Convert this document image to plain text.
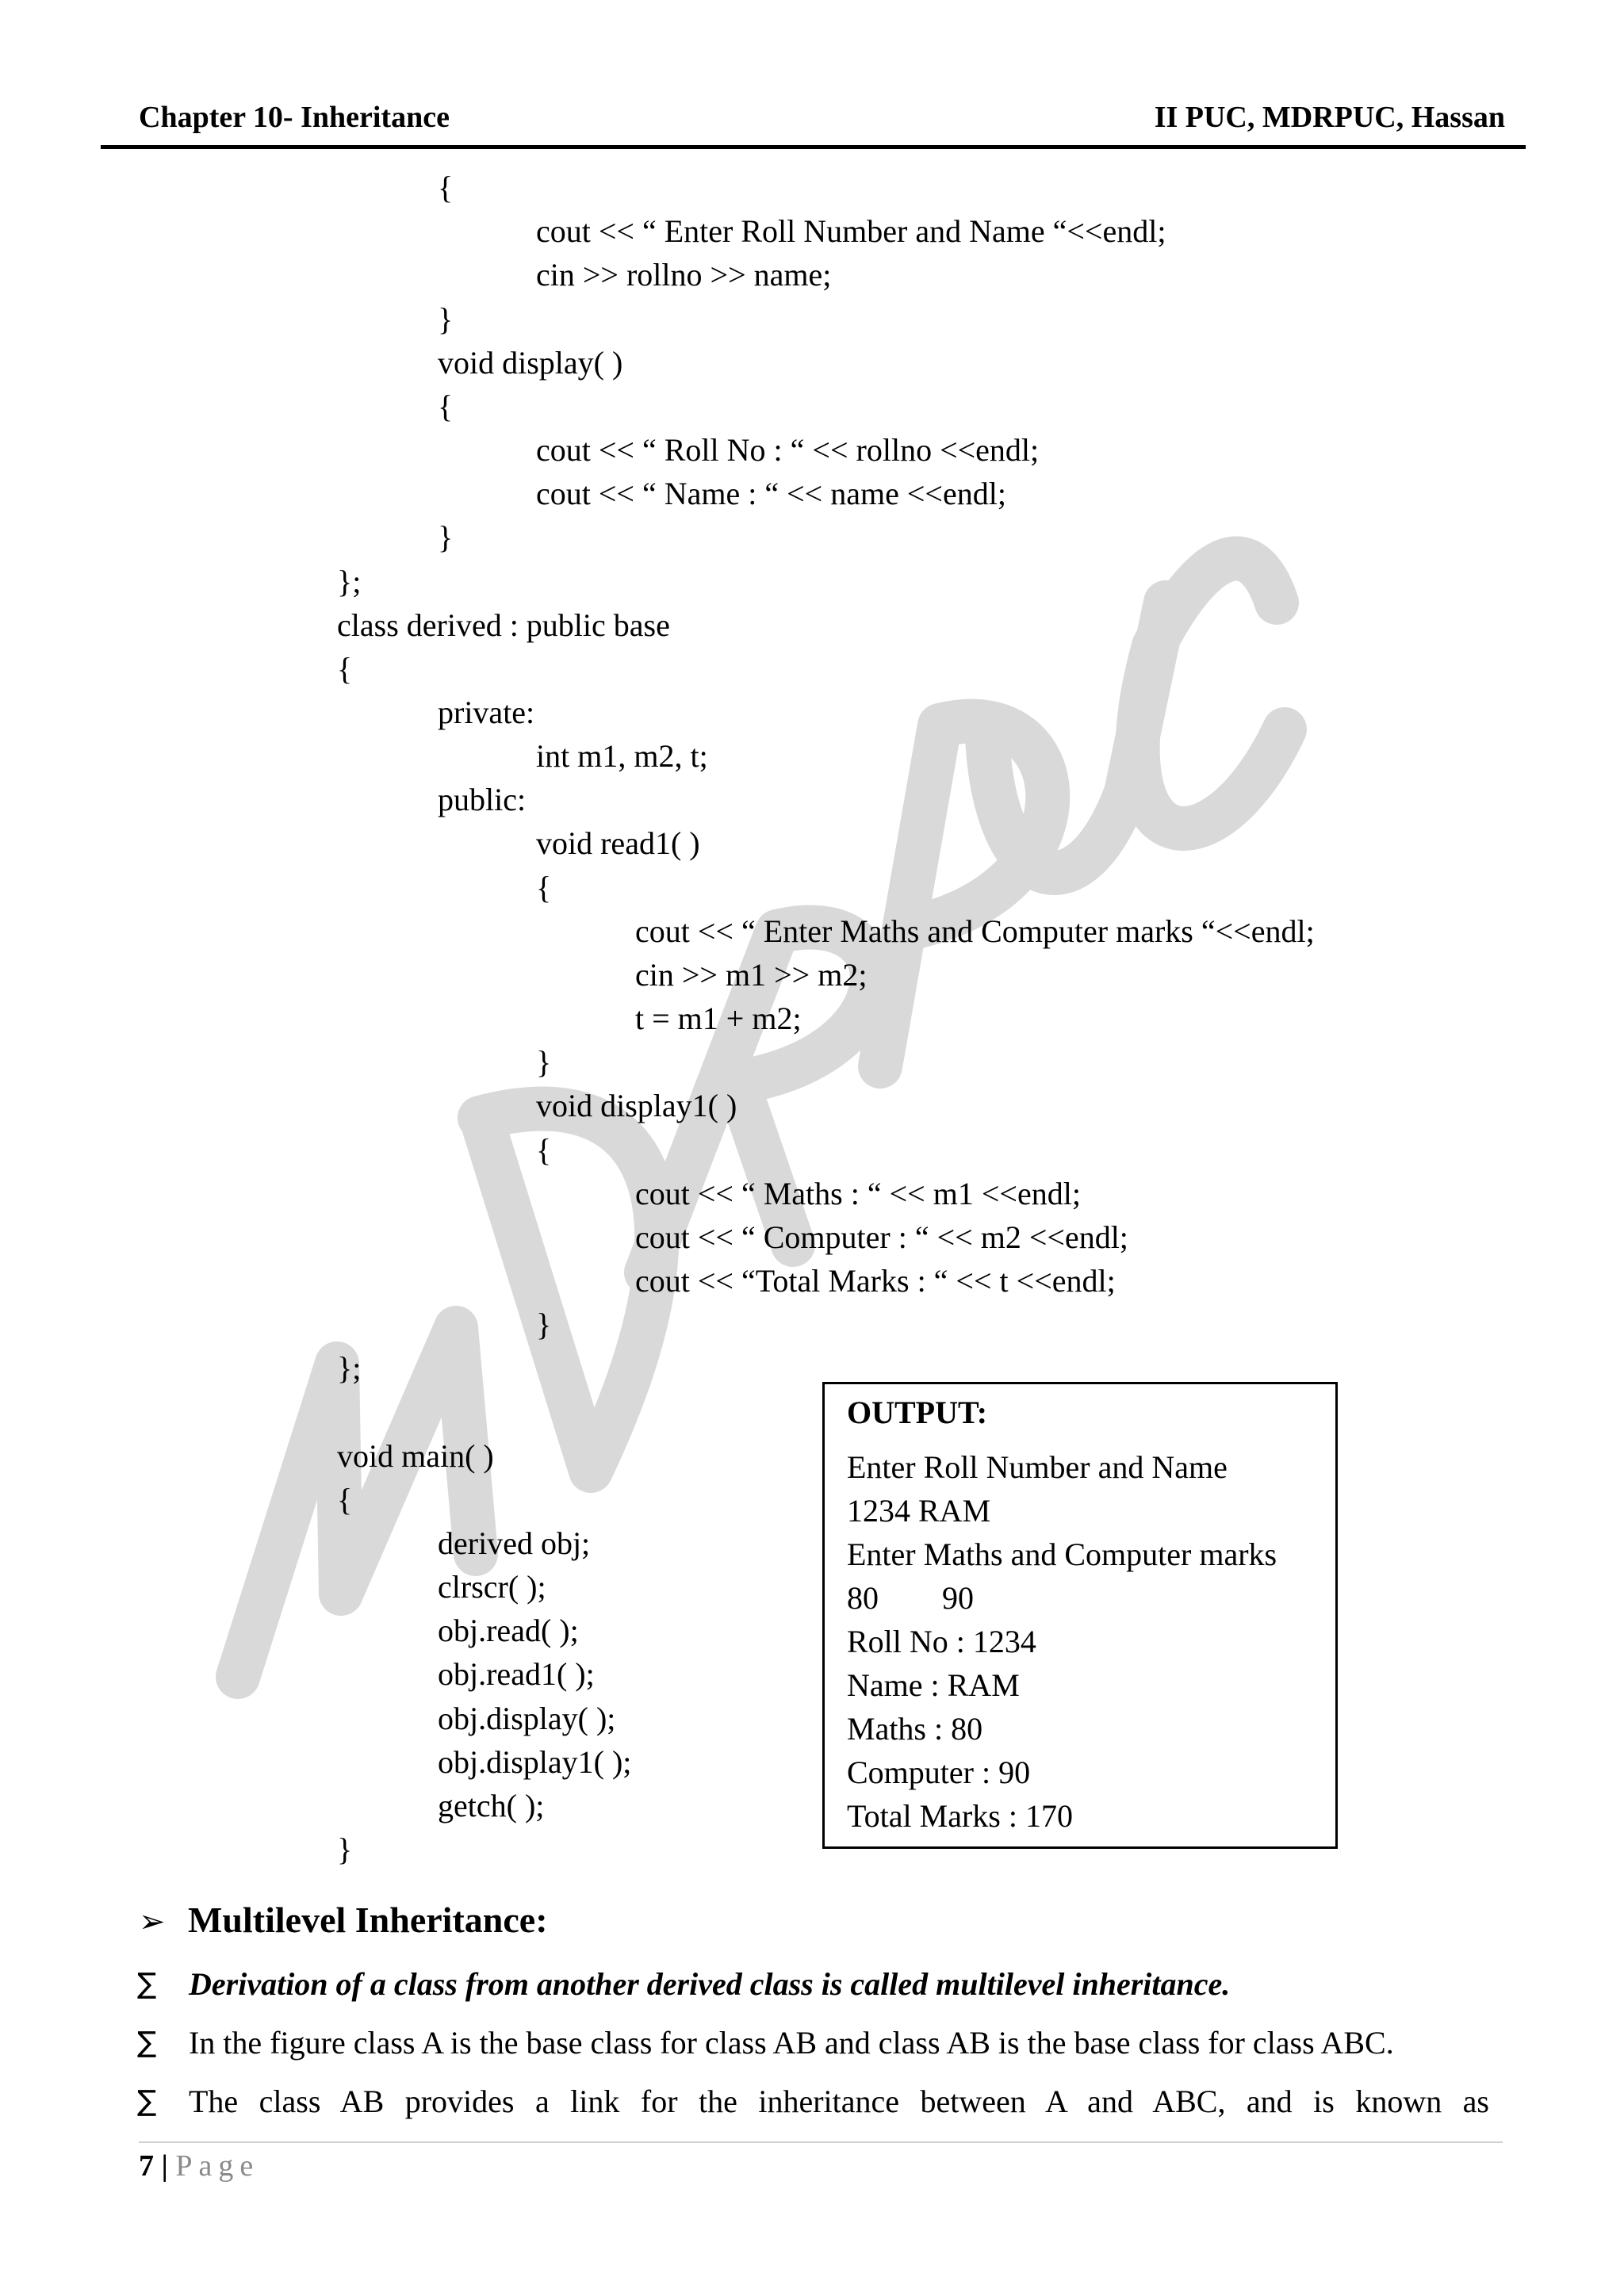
Chapter 10- Inheritance	II PUC, MDRPUC, Hassan
{
cout << “ Enter Roll Number and Name “<<endl;
cin >> rollno >> name;
}
void display( )
{
cout << “ Roll No : “ << rollno <<endl;
cout << “ Name : “ << name <<endl;
}
};
class derived : public base
{
private:
int m1, m2, t;
public:
void read1( )
{
cout << “ Enter Maths and Computer marks “<<endl;
cin >> m1 >> m2;
t = m1 + m2;
}
void display1( )
{
cout << “ Maths : “ << m1 <<endl;
cout << “ Computer : “ << m2 <<endl;
cout << “Total Marks : “ << t <<endl;
}
};
void main( )
{
derived obj;
clrscr( );
obj.read( );
obj.read1( );
obj.display( );
obj.display1( );
getch( );
}
OUTPUT:
Enter Roll Number and Name
1234 RAM
Enter Maths and Computer marks
80        90
Roll No : 1234
Name : RAM
Maths : 80
Computer : 90
Total Marks : 170
➢ Multilevel Inheritance:
∑ Derivation of a class from another derived class is called multilevel inheritance.
∑ In the figure class A is the base class for class AB and class AB is the base class for class ABC.
∑ The class AB provides a link for the inheritance between A and ABC, and is known as
7 | Page
